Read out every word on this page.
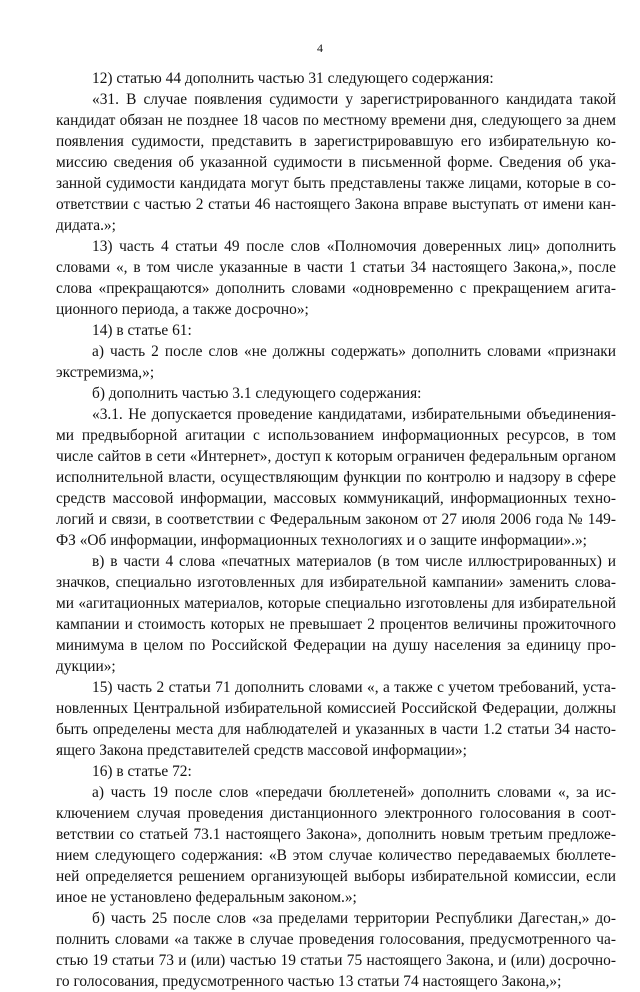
4

12) статью 44 дополнить частью 31 следующего содержания:

«31. В случае появления судимости у зарегистрированного кандидата такой кандидат обязан не позднее 18 часов по местному времени дня, следующего за днем появления судимости, представить в зарегистрировавшую его избирательную ко-миссию сведения об указанной судимости в письменной форме. Сведения об ука-занной судимости кандидата могут быть представлены также лицами, которые в со-ответствии с частью 2 статьи 46 настоящего Закона вправе выступать от имени кан-дидата.»;

13) часть 4 статьи 49 после слов «Полномочия доверенных лиц» дополнить словами «, в том числе указанные в части 1 статьи 34 настоящего Закона,», после слова «прекращаются» дополнить словами «одновременно с прекращением агита-ционного периода, а также досрочно»;

14) в статье 61:

а) часть 2 после слов «не должны содержать» дополнить словами «признаки экстремизма,»;

б) дополнить частью 3.1 следующего содержания:

«3.1. Не допускается проведение кандидатами, избирательными объединения-ми предвыборной агитации с использованием информационных ресурсов, в том числе сайтов в сети «Интернет», доступ к которым ограничен федеральным органом исполнительной власти, осуществляющим функции по контролю и надзору в сфере средств массовой информации, массовых коммуникаций, информационных техно-логий и связи, в соответствии с Федеральным законом от 27 июля 2006 года № 149-ФЗ «Об информации, информационных технологиях и о защите информации».»;

в) в части 4 слова «печатных материалов (в том числе иллюстрированных) и значков, специально изготовленных для избирательной кампании» заменить слова-ми «агитационных материалов, которые специально изготовлены для избирательной кампании и стоимость которых не превышает 2 процентов величины прожиточного минимума в целом по Российской Федерации на душу населения за единицу про-дукции»;

15) часть 2 статьи 71 дополнить словами «, а также с учетом требований, уста-новленных Центральной избирательной комиссией Российской Федерации, должны быть определены места для наблюдателей и указанных в части 1.2 статьи 34 насто-ящего Закона представителей средств массовой информации»;

16) в статье 72:

а) часть 19 после слов «передачи бюллетеней» дополнить словами «, за ис-ключением случая проведения дистанционного электронного голосования в соот-ветствии со статьей 73.1 настоящего Закона», дополнить новым третьим предложе-нием следующего содержания: «В этом случае количество передаваемых бюллете-ней определяется решением организующей выборы избирательной комиссии, если иное не установлено федеральным законом.»;

б) часть 25 после слов «за пределами территории Республики Дагестан,» до-полнить словами «а также в случае проведения голосования, предусмотренного ча-стью 19 статьи 73 и (или) частью 19 статьи 75 настоящего Закона, и (или) досрочно-го голосования, предусмотренного частью 13 статьи 74 настоящего Закона,»;
